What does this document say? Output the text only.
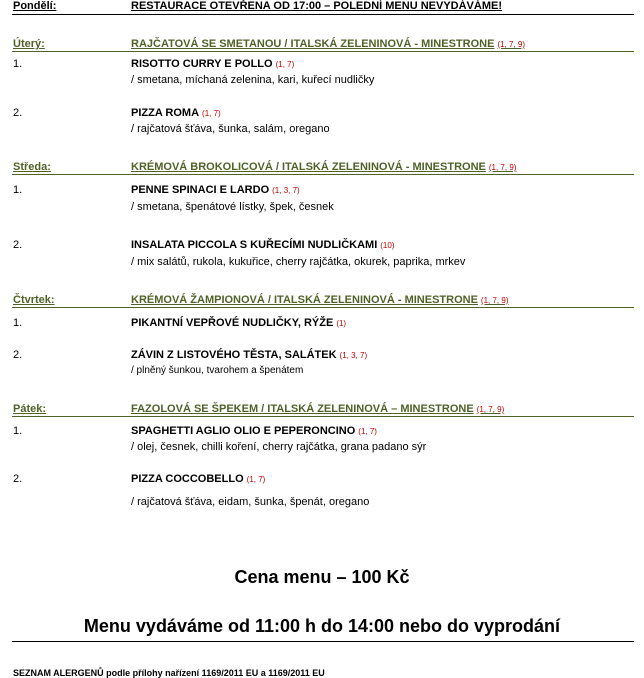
Pondělí:	RESTAURACE OTEVŘENA OD 17:00 – POLEDNÍ MENU NEVYDÁVÁME!
Úterý:	RAJČATOVÁ SE SMETANOU / ITALSKÁ ZELENINOVÁ - MINESTRONE (1, 7, 9)
1.	RISOTTO CURRY E POLLO (1, 7)
/ smetana, míchaná zelenina, kari, kuřecí nudličky
2.	PIZZA ROMA (1, 7)
/ rajčatová šťáva, šunka, salám, oregano
Středa:	KRÉMOVÁ BROKOLICOVÁ / ITALSKÁ ZELENINOVÁ - MINESTRONE (1, 7, 9)
1.	PENNE SPINACI E LARDO (1, 3, 7)
/ smetana, špenátové lístky, špek, česnek
2.	INSALATA PICCOLA S KUŘECÍMI NUDLIČKAMI (10)
/ mix salátů, rukola, kukuřice, cherry rajčátka, okurek, paprika, mrkev
Čtvrtek:	KRÉMOVÁ ŽAMPIONOVÁ / ITALSKÁ ZELENINOVÁ - MINESTRONE (1, 7, 9)
1.	PIKANTNÍ VEPŘOVÉ NUDLIČKY, RÝŽE (1)
2.	ZÁVIN Z LISTOVÉHO TĚSTA, SALÁTEK (1, 3, 7)
/ plněný šunkou, tvarohem a špenátem
Pátek:	FAZOLOVÁ SE ŠPEKEM / ITALSKÁ ZELENINOVÁ – MINESTRONE (1, 7, 9)
1.	SPAGHETTI AGLIO OLIO E PEPERONCINO (1, 7)
/ olej, česnek, chilli koření, cherry rajčátka, grana padano sýr
2.	PIZZA COCCOBELLO (1, 7)
/ rajčatová šťáva, eidam, šunka, špenát, oregano
Cena menu – 100 Kč
Menu vydáváme od 11:00 h do 14:00 nebo do vyprodání
SEZNAM ALERGENŮ podle přílohy nařízení 1169/2011 EU a 1169/2011 EU
